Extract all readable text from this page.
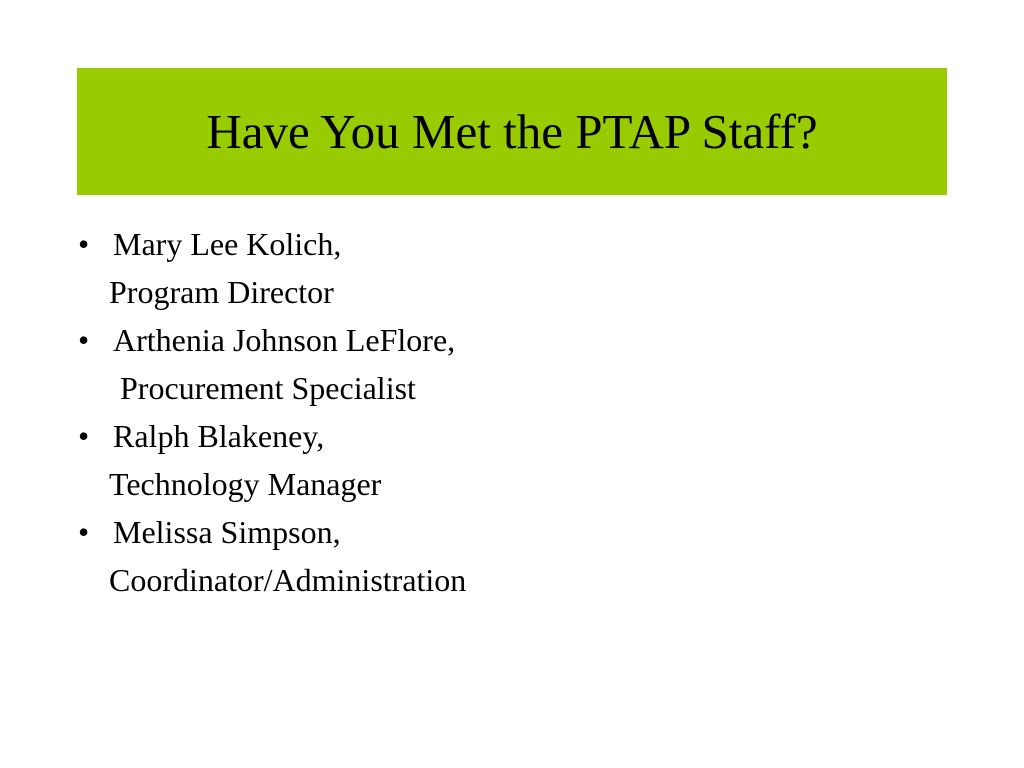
Have You Met the PTAP Staff?
• Mary Lee Kolich,
Program Director
• Arthenia Johnson LeFlore,
Procurement Specialist
• Ralph Blakeney,
Technology Manager
• Melissa Simpson,
Coordinator/Administration
